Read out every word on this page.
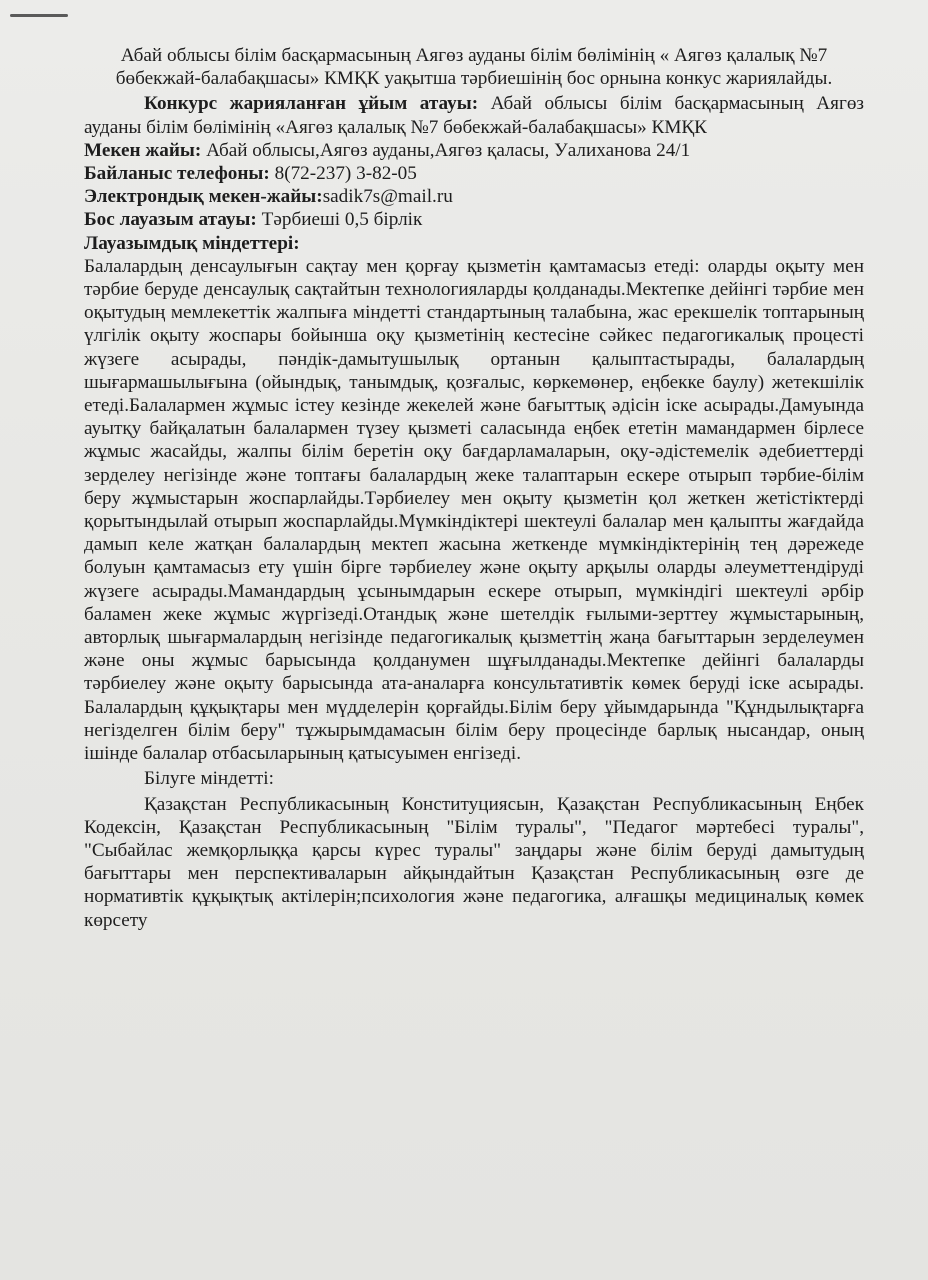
Абай облысы білім басқармасының Аягөз ауданы білім бөлімінің « Аягөз қалалық №7 бөбекжай-балабақшасы» КМҚК уақытша тәрбиешінің бос орнына конкус жариялайды.

Конкурс жарияланған ұйым атауы: Абай облысы білім басқармасының Аягөз ауданы білім бөлімінің «Аягөз қалалық №7 бөбекжай-балабақшасы» КМҚК

Мекен жайы: Абай облысы,Аягөз ауданы,Аягөз қаласы, Уалиханова 24/1

Байланыс телефоны: 8(72-237) 3-82-05

Электрондық мекен-жайы:sadik7s@mail.ru

Бос лауазым атауы: Тәрбиеші 0,5 бірлік

Лауазымдық міндеттері:

Балалардың денсаулығын сақтау мен қорғау қызметін қамтамасыз етеді: оларды оқыту мен тәрбие беруде денсаулық сақтайтын технологияларды қолданады.Мектепке дейінгі тәрбие мен оқытудың мемлекеттік жалпыға міндетті стандартының талабына, жас ерекшелік топтарының үлгілік оқыту жоспары бойынша оқу қызметінің кестесіне сәйкес педагогикалық процесті жүзеге асырады, пәндік-дамытушылық ортанын қалыптастырады, балалардың шығармашылығына (ойындық, танымдық, қозғалыс, көркемөнер, еңбекке баулу) жетекшілік етеді.Балалармен жұмыс істеу кезінде жекелей және бағыттық әдісін іске асырады.Дамуында ауытқу байқалатын балалармен түзеу қызметі саласында еңбек ететін мамандармен бірлесе жұмыс жасайды, жалпы білім беретін оқу бағдарламаларын, оқу-әдістемелік әдебиеттерді зерделеу негізінде және топтағы балалардың жеке талаптарын ескере отырып тәрбие-білім беру жұмыстарын жоспарлайды.Тәрбиелеу мен оқыту қызметін қол жеткен жетістіктерді қорытындылай отырып жоспарлайды.Мүмкіндіктері шектеулі балалар мен қалыпты жағдайда дамып келе жатқан балалардың мектеп жасына жеткенде мүмкіндіктерінің тең дәрежеде болуын қамтамасыз ету үшін бірге тәрбиелеу және оқыту арқылы оларды әлеуметтендіруді жүзеге асырады.Мамандардың ұсынымдарын ескере отырып, мүмкіндігі шектеулі әрбір баламен жеке жұмыс жүргізеді.Отандық және шетелдік ғылыми-зерттеу жұмыстарының, авторлық шығармалардың негізінде педагогикалық қызметтің жаңа бағыттарын зерделеумен және оны жұмыс барысында қолданумен шұғылданады.Мектепке дейінгі балаларды тәрбиелеу және оқыту барысында ата-аналарға консультативтік көмек беруді іске асырады. Балалардың құқықтары мен мүдделерін қорғайды.Білім беру ұйымдарында "Құндылықтарға негізделген білім беру" тұжырымдамасын білім беру процесінде барлық нысандар, оның ішінде балалар отбасыларының қатысуымен енгізеді.

Білуге міндетті:

Қазақстан Республикасының Конституциясын, Қазақстан Республикасының Еңбек Кодексін, Қазақстан Республикасының "Білім туралы", "Педагог мәртебесі туралы", "Сыбайлас жемқорлыққа қарсы күрес туралы" заңдары және білім беруді дамытудың бағыттары мен перспективаларын айқындайтын Қазақстан Республикасының өзге де нормативтік құқықтық актілерін;психология және педагогика, алғашқы медициналық көмек көрсету
